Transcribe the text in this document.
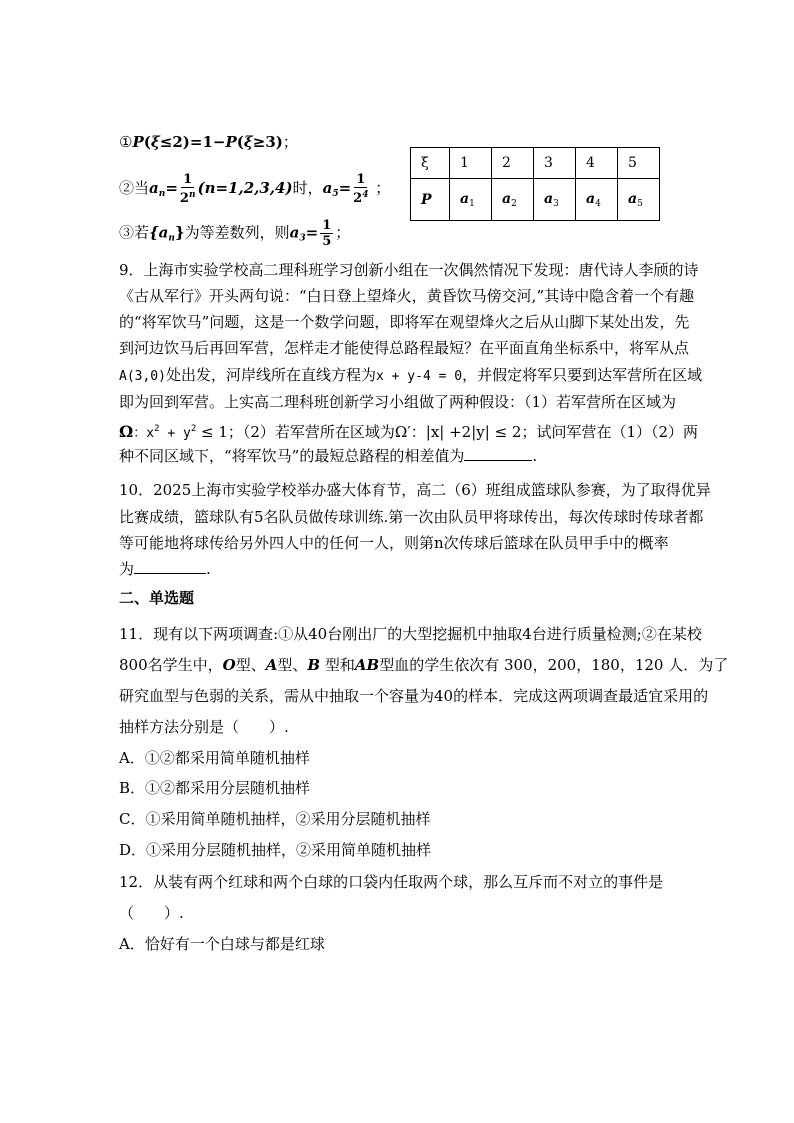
①P(ξ≤2)=1−P(ξ≥3)；
②当$a_n= \frac{1}{2^n} (n=1,2,3,4)$时，$a_5= \frac{1}{2^4}$ ；
③若$\{a_n\}$为等差数列，则$a_3= \frac{1}{5}$ ；
ξ	1	2	3	4	5
P	$a_1$	$a_2$	$a_3$	$a_4$	$a_5$
9．上海市实验学校高二理科班学习创新小组在一次偶然情况下发现：唐代诗人李颀的诗
《古从军行》开头两句说：“白日登上望烽火，黄昏饮马傍交河,”其诗中隐含着一个有趣
的“将军饮马”问题，这是一个数学问题，即将军在观望烽火之后从山脚下某处出发，先
到河边饮马后再回军营，怎样走才能使得总路程最短？在平面直角坐标系中，将军从点
A(3,0)处出发，河岸线所在直线方程为x + y-4 = 0，并假定将军只要到达军营所在区域
即为回到军营。上实高二理科班创新学习小组做了两种假设：（1）若军营所在区域为
Ω：$x^2 + y^2 \le 1$；（2）若军营所在区域为Ω′：|x| +2|y| ≤ 2；试问军营在（1）（2）两
种不同区域下，“将军饮马”的最短总路程的相差值为	.
10．2025上海市实验学校举办盛大体育节，高二（6）班组成篮球队参赛，为了取得优异
比赛成绩，篮球队有5名队员做传球训练.第一次由队员甲将球传出，每次传球时传球者都
等可能地将球传给另外四人中的任何一人，则第n次传球后篮球在队员甲手中的概率
为	.
二、单选题
11．现有以下两项调查:①从40台刚出厂的大型挖掘机中抽取4台进行质量检测;②在某校
800名学生中，O型、A型、B 型和AB型血的学生依次有 300，200，180，120 人．为了
研究血型与色弱的关系，需从中抽取一个容量为40的样本．完成这两项调查最适宜采用的
抽样方法分别是（　　）.
A．①②都采用简单随机抽样
B．①②都采用分层随机抽样
C．①采用简单随机抽样，②采用分层随机抽样
D．①采用分层随机抽样，②采用简单随机抽样
12．从装有两个红球和两个白球的口袋内任取两个球，那么互斥而不对立的事件是
（　　）.
A．恰好有一个白球与都是红球
